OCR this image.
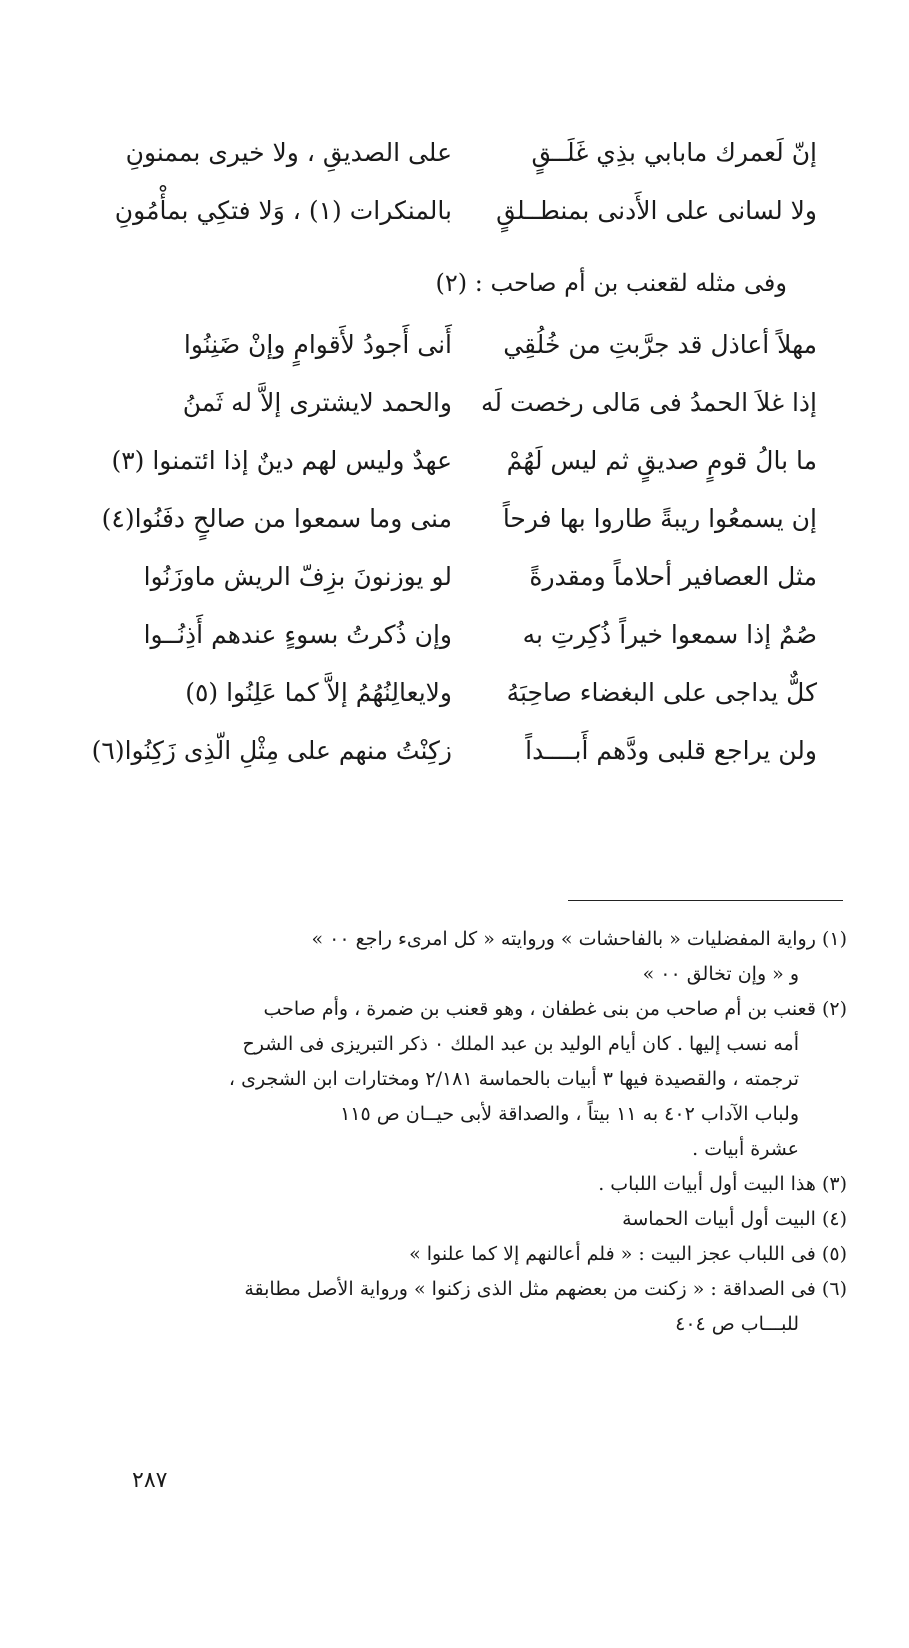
إنّ لَعمرك مابابي بذِي غَلَــقٍ
على الصديقِ ، ولا خيرى بممنونِ
ولا لسانى على الأَدنى بمنطــلقٍ
بالمنكرات (١) ، وَلا فتكِي بمأْمُونِ
وفى مثله لقعنب بن أم صاحب : (٢)
مهلاً أعاذل قد جرَّبتِ من خُلُقِي
أَنى أَجودُ لأَقوامٍ وإنْ ضَنِنُوا
إذا غلاَ الحمدُ فى مَالى رخصت لَه
والحمد لايشترى إلاَّ له ثَمنُ
ما بالُ قومٍ صديقٍ ثم ليس لَهُمْ
عهدٌ وليس لهم دينٌ إذا ائتمنوا (٣)
إن يسمعُوا ريبةً طاروا بها فرحاً
منى وما سمعوا من صالحٍ دفَنُوا(٤)
مثل العصافير أحلاماً ومقدرةً
لو يوزنونَ بزِفّ الريش ماوزَنُوا
صُمٌ إذا سمعوا خيراً ذُكِرتِ به
وإن ذُكرتُ بسوءٍ عندهم أَذِنُــوا
كلٌّ يداجى على البغضاء صاحِبَهُ
ولايعالِنُهُمُ إلاَّ كما عَلِنُوا (٥)
ولن يراجع قلبى ودَّهم أَبــــداً
زكِنْتُ منهم على مِثْلِ الّذِى زَكِنُوا(٦)
(١) رواية المفضليات « بالفاحشات » وروايته « كل امرىء راجع ٠٠ »
و « وإن تخالق ٠٠ »
(٢) قعنب بن أم صاحب من بنى غطفان ، وهو قعنب بن ضمرة ، وأم صاحب
أمه نسب إليها . كان أيام الوليد بن عبد الملك ٠ ذكر التبريزى فى الشرح
ترجمته ، والقصيدة فيها ٣ أبيات بالحماسة ٢/١٨١ ومختارات ابن الشجرى ،
ولباب الآداب ٤٠٢ به ١١ بيتاً ، والصداقة لأبى حيــان ص ١١٥
عشرة أبيات .
(٣) هذا البيت أول أبيات اللباب .
(٤) البيت أول أبيات الحماسة
(٥) فى اللباب عجز البيت : « فلم أعالنهم إلا كما علنوا »
(٦) فى الصداقة : « زكنت من بعضهم مثل الذى زكنوا » ورواية الأصل مطابقة
للبـــاب ص ٤٠٤
٢٨٧
